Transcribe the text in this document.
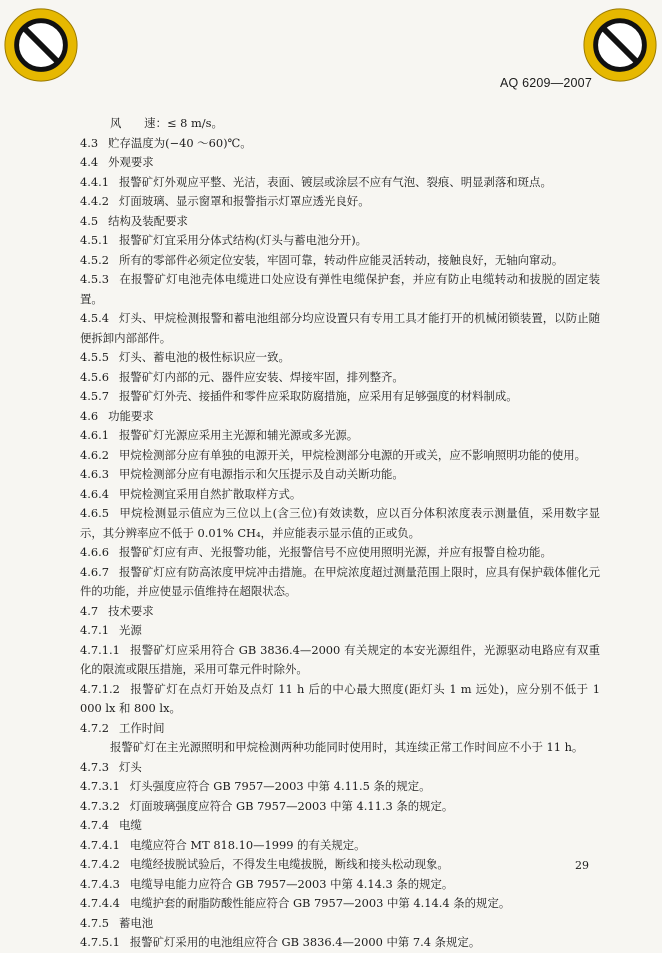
AQ 6209—2007
风　　速：≤ 8 m/s。
4.3 贮存温度为(−40 ～60)℃。
4.4 外观要求
4.4.1 报警矿灯外观应平整、光洁，表面、镀层或涂层不应有气泡、裂痕、明显剥落和斑点。
4.4.2 灯面玻璃、显示窗罩和报警指示灯罩应透光良好。
4.5 结构及装配要求
4.5.1 报警矿灯宜采用分体式结构(灯头与蓄电池分开)。
4.5.2 所有的零部件必须定位安装，牢固可靠，转动件应能灵活转动，接触良好，无轴向窜动。
4.5.3 在报警矿灯电池壳体电缆进口处应设有弹性电缆保护套，并应有防止电缆转动和拔脱的固定装置。
4.5.4 灯头、甲烷检测报警和蓄电池组部分均应设置只有专用工具才能打开的机械闭锁装置，以防止随便拆卸内部部件。
4.5.5 灯头、蓄电池的极性标识应一致。
4.5.6 报警矿灯内部的元、器件应安装、焊接牢固，排列整齐。
4.5.7 报警矿灯外壳、接插件和零件应采取防腐措施，应采用有足够强度的材料制成。
4.6 功能要求
4.6.1 报警矿灯光源应采用主光源和辅光源或多光源。
4.6.2 甲烷检测部分应有单独的电源开关，甲烷检测部分电源的开或关，应不影响照明功能的使用。
4.6.3 甲烷检测部分应有电源指示和欠压提示及自动关断功能。
4.6.4 甲烷检测宜采用自然扩散取样方式。
4.6.5 甲烷检测显示值应为三位以上(含三位)有效读数，应以百分体积浓度表示测量值，采用数字显示，其分辨率应不低于 0.01% CH₄，并应能表示显示值的正或负。
4.6.6 报警矿灯应有声、光报警功能，光报警信号不应使用照明光源，并应有报警自检功能。
4.6.7 报警矿灯应有防高浓度甲烷冲击措施。在甲烷浓度超过测量范围上限时，应具有保护载体催化元件的功能，并应使显示值维持在超限状态。
4.7 技术要求
4.7.1 光源
4.7.1.1 报警矿灯应采用符合 GB 3836.4—2000 有关规定的本安光源组件，光源驱动电路应有双重化的限流或限压措施，采用可靠元件时除外。
4.7.1.2 报警矿灯在点灯开始及点灯 11 h 后的中心最大照度(距灯头 1 m 远处)，应分别不低于 1 000 lx 和 800 lx。
4.7.2 工作时间
报警矿灯在主光源照明和甲烷检测两种功能同时使用时，其连续正常工作时间应不小于 11 h。
4.7.3 灯头
4.7.3.1 灯头强度应符合 GB 7957—2003 中第 4.11.5 条的规定。
4.7.3.2 灯面玻璃强度应符合 GB 7957—2003 中第 4.11.3 条的规定。
4.7.4 电缆
4.7.4.1 电缆应符合 MT 818.10—1999 的有关规定。
4.7.4.2 电缆经拔脱试验后，不得发生电缆拔脱，断线和接头松动现象。
4.7.4.3 电缆导电能力应符合 GB 7957—2003 中第 4.14.3 条的规定。
4.7.4.4 电缆护套的耐脂防酸性能应符合 GB 7957—2003 中第 4.14.4 条的规定。
4.7.5 蓄电池
4.7.5.1 报警矿灯采用的电池组应符合 GB 3836.4—2000 中第 7.4 条规定。
29
